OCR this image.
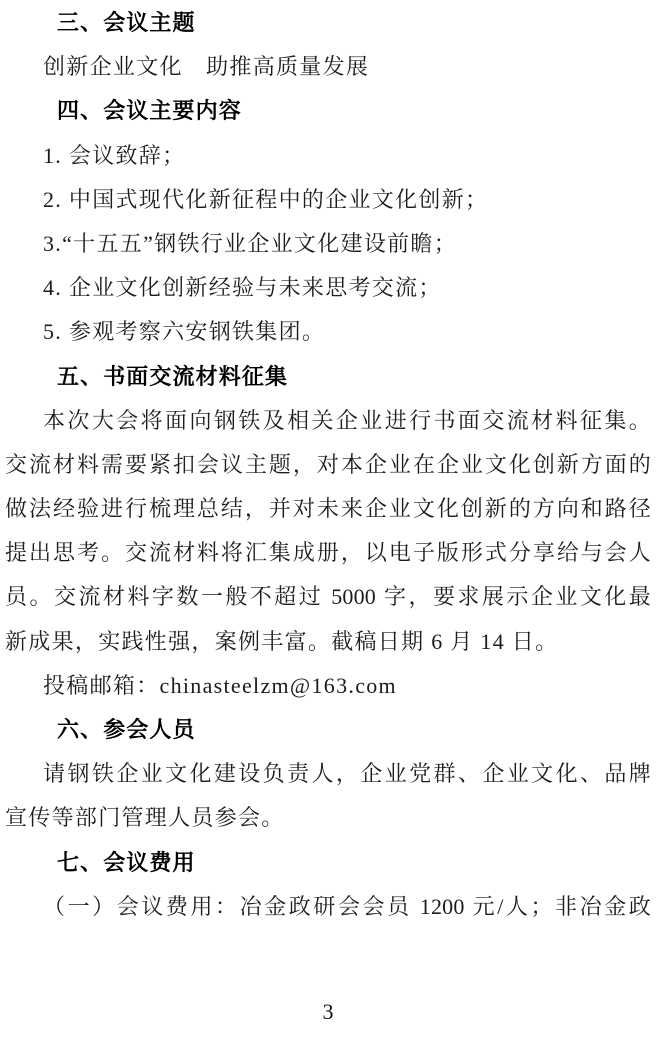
三、会议主题
创新企业文化　助推高质量发展
四、会议主要内容
1. 会议致辞；
2. 中国式现代化新征程中的企业文化创新；
3.“十五五”钢铁行业企业文化建设前瞻；
4. 企业文化创新经验与未来思考交流；
5. 参观考察六安钢铁集团。
五、书面交流材料征集
本次大会将面向钢铁及相关企业进行书面交流材料征集。
交流材料需要紧扣会议主题，对本企业在企业文化创新方面的
做法经验进行梳理总结，并对未来企业文化创新的方向和路径
提出思考。交流材料将汇集成册，以电子版形式分享给与会人
员。交流材料字数一般不超过 5000 字，要求展示企业文化最
新成果，实践性强，案例丰富。截稿日期 6 月 14 日。
投稿邮箱：chinasteelzm@163.com
六、参会人员
请钢铁企业文化建设负责人，企业党群、企业文化、品牌
宣传等部门管理人员参会。
七、会议费用
（一）会议费用：冶金政研会会员 1200 元/人；非冶金政
3
